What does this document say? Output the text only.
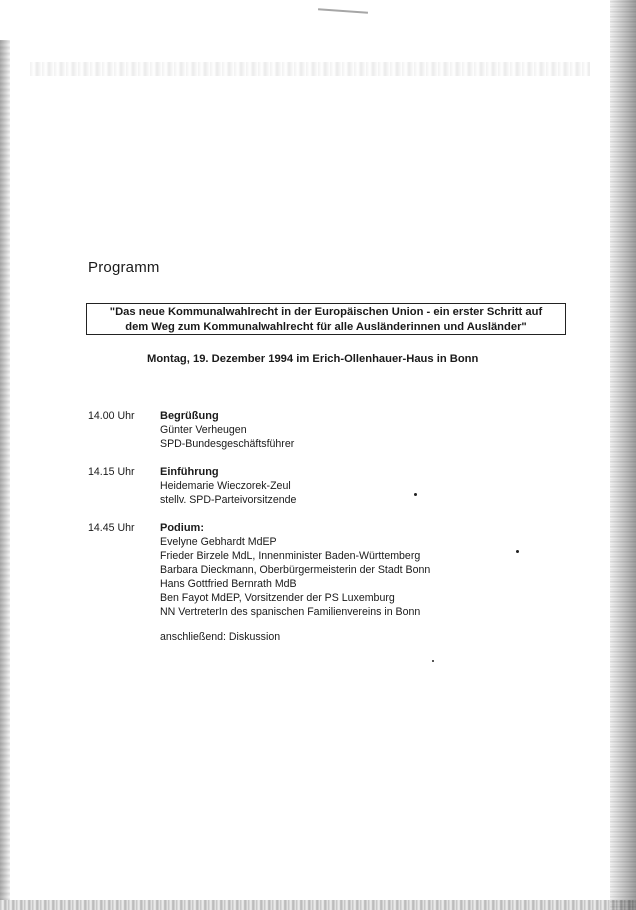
Programm
"Das neue Kommunalwahlrecht in der Europäischen Union - ein erster Schritt auf
dem Weg zum Kommunalwahlrecht für alle Ausländerinnen und Ausländer"
Montag, 19. Dezember 1994 im Erich-Ollenhauer-Haus in Bonn
14.00 Uhr	Begrüßung
Günter Verheugen
SPD-Bundesgeschäftsführer
14.15 Uhr	Einführung
Heidemarie Wieczorek-Zeul
stellv. SPD-Parteivorsitzende
14.45 Uhr	Podium:
Evelyne Gebhardt MdEP
Frieder Birzele MdL, Innenminister Baden-Württemberg
Barbara Dieckmann, Oberbürgermeisterin der Stadt Bonn
Hans Gottfried Bernrath MdB
Ben Fayot MdEP, Vorsitzender der PS Luxemburg
NN VertreterIn des spanischen Familienvereins in Bonn
anschließend: Diskussion
